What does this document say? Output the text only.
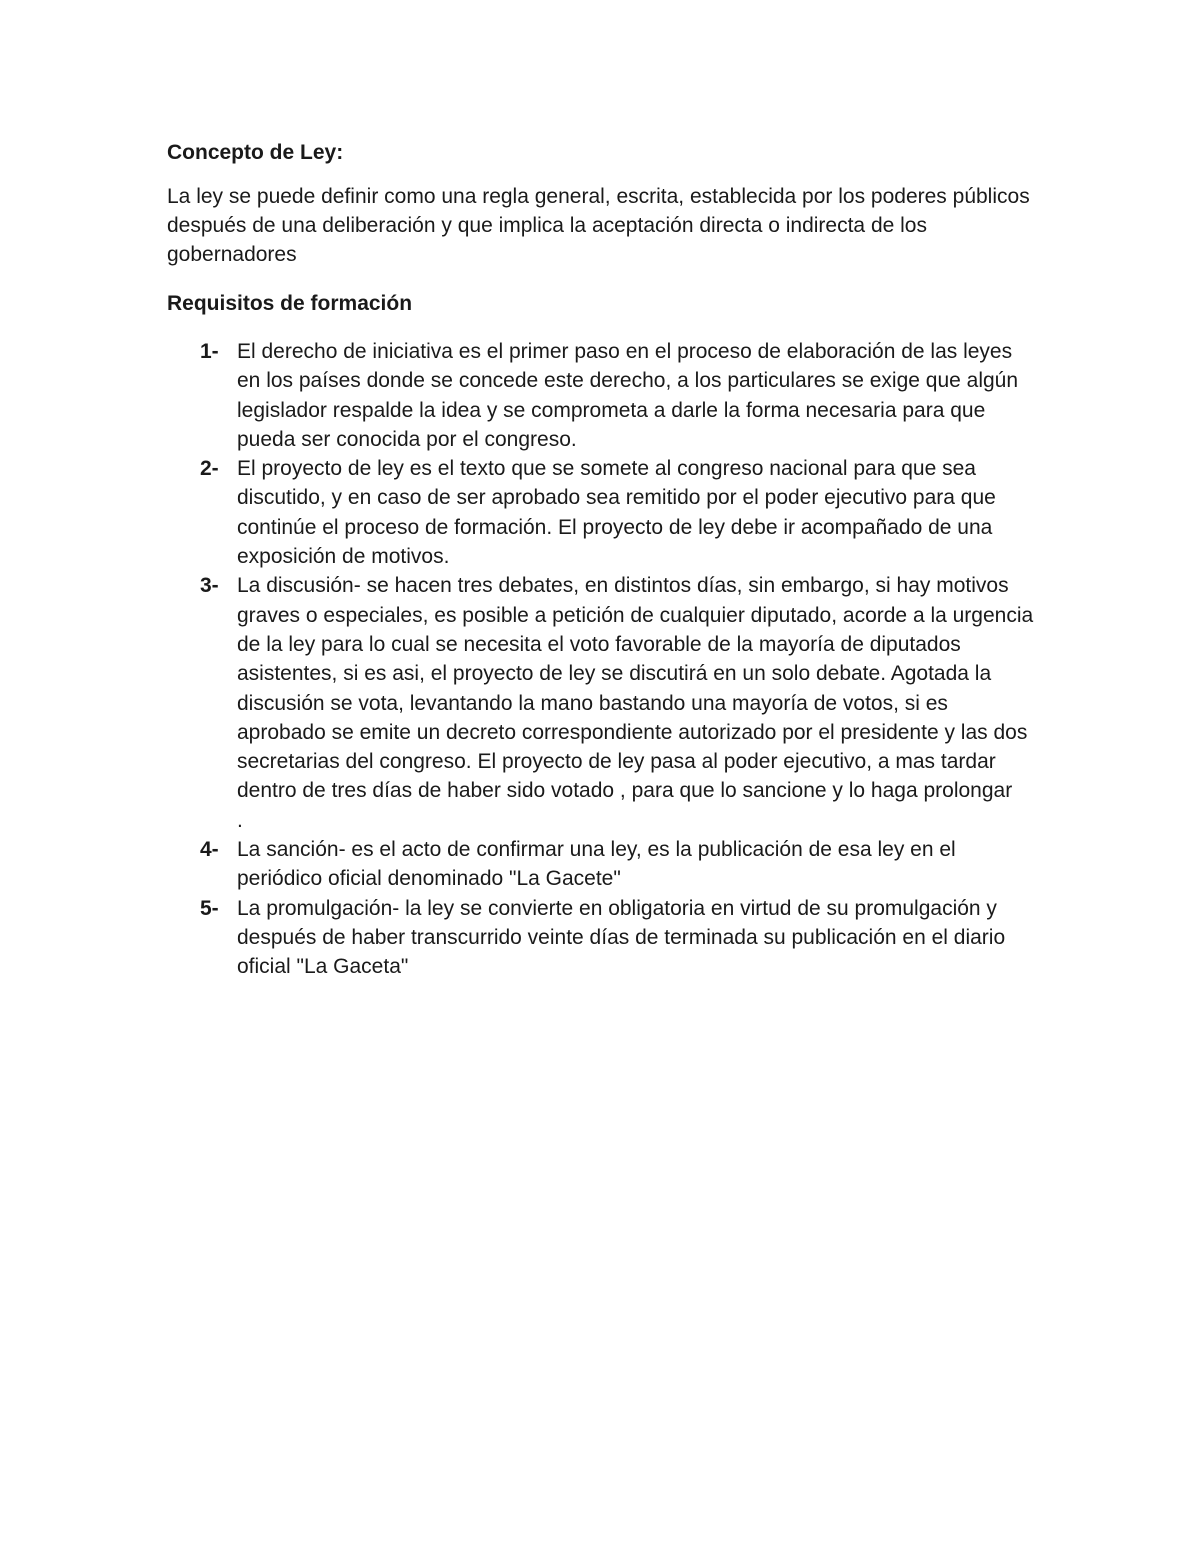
Concepto de Ley:

La ley se puede definir como una regla general, escrita, establecida por los poderes públicos después de una deliberación y que implica la aceptación directa o indirecta de los gobernadores

Requisitos de formación

1- El derecho de iniciativa es el primer paso en el proceso de elaboración de las leyes en los países donde se concede este derecho, a los particulares se exige que algún legislador respalde la idea y se comprometa a darle la forma necesaria para que pueda ser conocida por el congreso.
2- El proyecto de ley es el texto que se somete al congreso nacional para que sea discutido, y en caso de ser aprobado sea remitido por el poder ejecutivo para que continúe el proceso de formación. El proyecto de ley debe ir acompañado de una exposición de motivos.
3- La discusión- se hacen tres debates, en distintos días, sin embargo, si hay motivos graves o especiales, es posible a petición de cualquier diputado, acorde a la urgencia de la ley para lo cual se necesita el voto favorable de la mayoría de diputados asistentes, si es asi, el proyecto de ley se discutirá en un solo debate. Agotada la discusión se vota, levantando la mano bastando una mayoría de votos, si es aprobado se emite un decreto correspondiente autorizado por el presidente y las dos secretarias del congreso. El proyecto de ley pasa al poder ejecutivo, a mas tardar dentro de tres días de haber sido votado , para que lo sancione y lo haga prolongar
.
4- La sanción- es el acto de confirmar una ley, es la publicación de esa ley en el periódico oficial denominado "La Gacete"
5- La promulgación- la ley se convierte en obligatoria en virtud de su promulgación y después de haber transcurrido veinte días de terminada su publicación en el diario oficial "La Gaceta"
